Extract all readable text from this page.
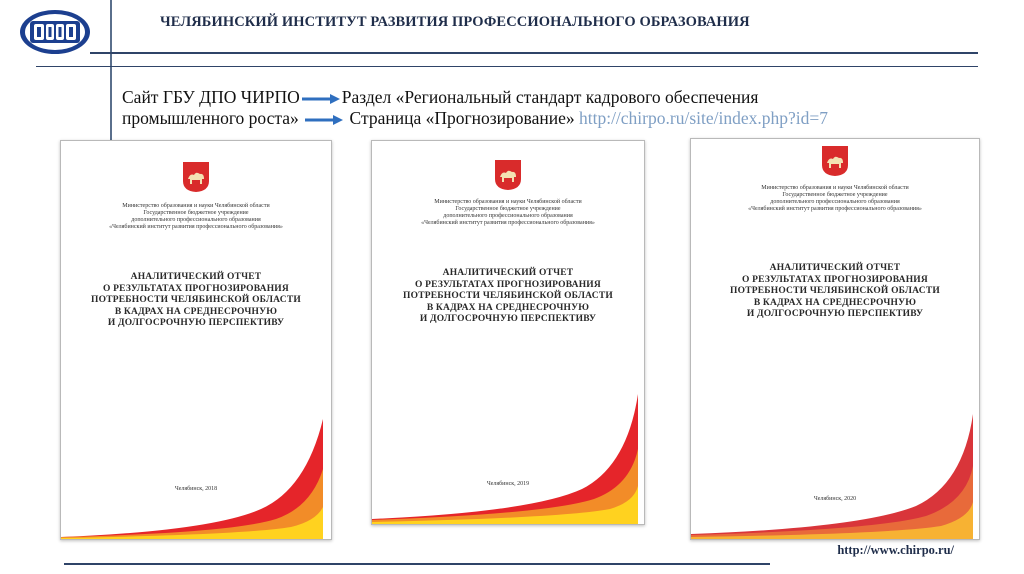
ЧЕЛЯБИНСКИЙ ИНСТИТУТ РАЗВИТИЯ ПРОФЕССИОНАЛЬНОГО ОБРАЗОВАНИЯ
Сайт ГБУ ДПО ЧИРПО Раздел «Региональный стандарт кадрового обеспечения
промышленного роста»	Страница «Прогнозирование» http://chirpo.ru/site/index.php?id=7
Министерство образования и науки Челябинской области
Государственное бюджетное учреждение
дополнительного профессионального образования
«Челябинский институт развития профессионального образования»
АНАЛИТИЧЕСКИЙ ОТЧЕТ
О РЕЗУЛЬТАТАХ ПРОГНОЗИРОВАНИЯ
ПОТРЕБНОСТИ ЧЕЛЯБИНСКОЙ ОБЛАСТИ
В КАДРАХ НА СРЕДНЕСРОЧНУЮ
И ДОЛГОСРОЧНУЮ ПЕРСПЕКТИВУ
Челябинск, 2018
Министерство образования и науки Челябинской области
Государственное бюджетное учреждение
дополнительного профессионального образования
«Челябинский институт развития профессионального образования»
АНАЛИТИЧЕСКИЙ ОТЧЕТ
О РЕЗУЛЬТАТАХ ПРОГНОЗИРОВАНИЯ
ПОТРЕБНОСТИ ЧЕЛЯБИНСКОЙ ОБЛАСТИ
В КАДРАХ НА СРЕДНЕСРОЧНУЮ
И ДОЛГОСРОЧНУЮ ПЕРСПЕКТИВУ
Челябинск, 2019
Министерство образования и науки Челябинской области
Государственное бюджетное учреждение
дополнительного профессионального образования
«Челябинский институт развития профессионального образования»
АНАЛИТИЧЕСКИЙ ОТЧЕТ
О РЕЗУЛЬТАТАХ ПРОГНОЗИРОВАНИЯ
ПОТРЕБНОСТИ ЧЕЛЯБИНСКОЙ ОБЛАСТИ
В КАДРАХ НА СРЕДНЕСРОЧНУЮ
И ДОЛГОСРОЧНУЮ ПЕРСПЕКТИВУ
Челябинск, 2020
http://www.chirpo.ru/
